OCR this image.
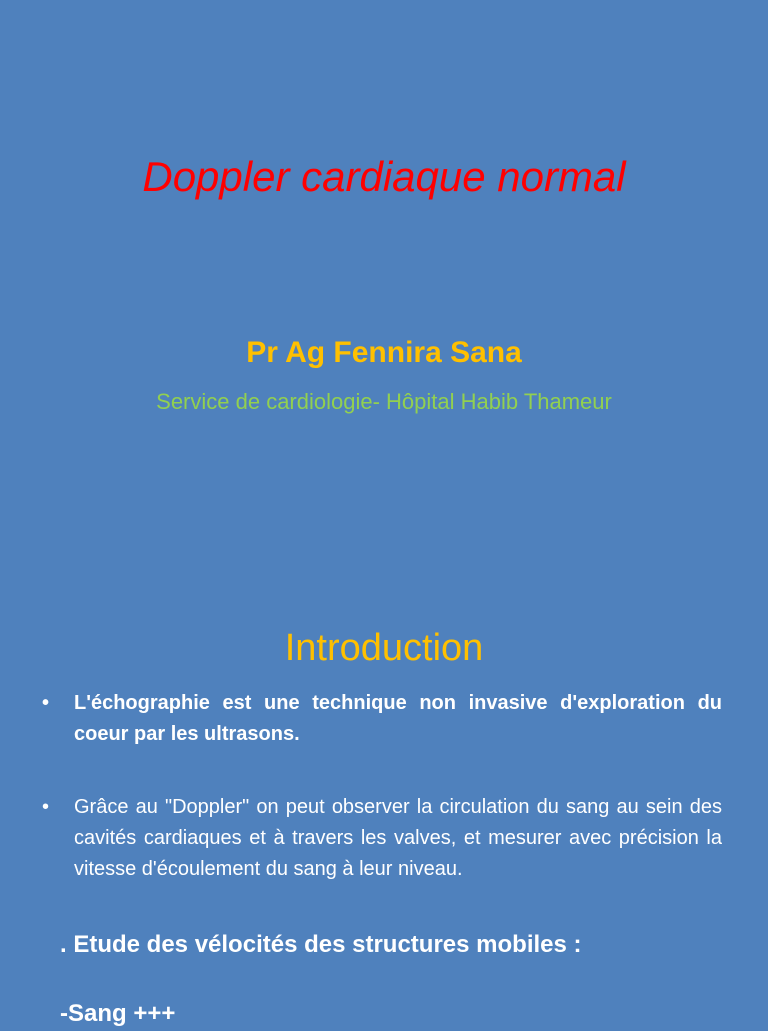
Doppler cardiaque normal
Pr Ag Fennira Sana
Service de cardiologie- Hôpital Habib Thameur
Introduction
•	L'échographie est une technique non invasive d'exploration du coeur par les ultrasons.
•	Grâce au "Doppler" on peut observer la circulation du sang au sein des cavités cardiaques et à travers les valves, et mesurer avec précision la vitesse d'écoulement du sang à leur niveau.
. Etude des vélocités des structures mobiles :
-Sang +++
